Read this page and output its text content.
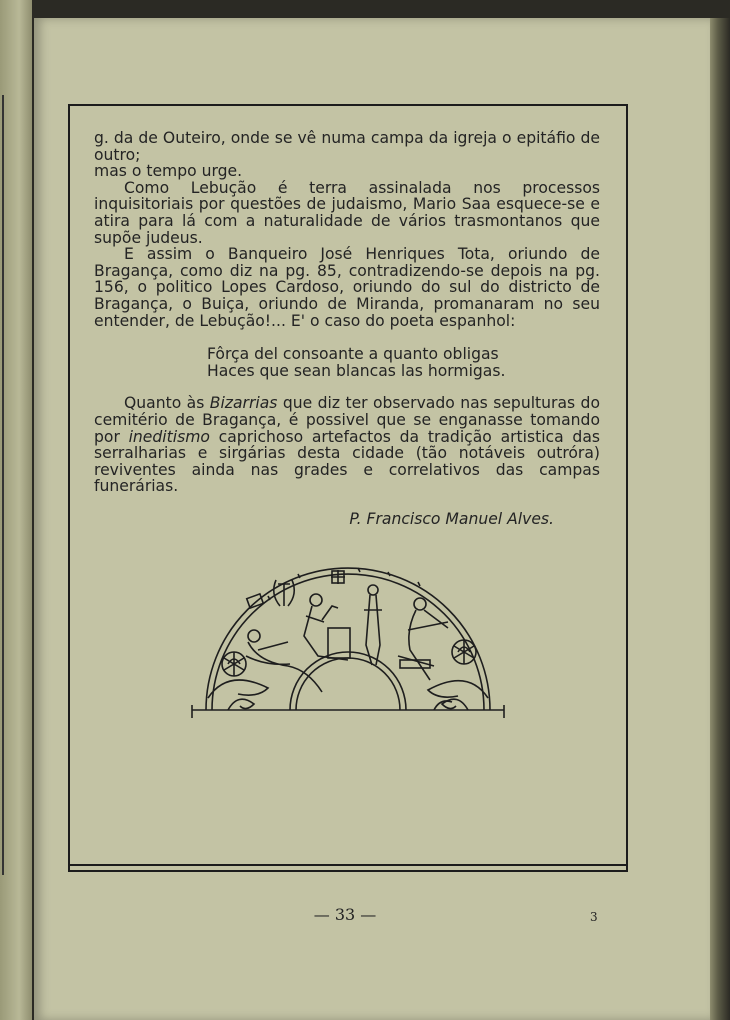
g. da de Outeiro, onde se vê numa campa da igreja o epitáfio de outro;
mas o tempo urge.

Como Lebução é terra assinalada nos processos inquisitoriais por questões de judaismo, Mario Saa esquece-se e atira para lá com a naturalidade de vários trasmontanos que supõe judeus.

E assim o Banqueiro José Henriques Tota, oriundo de Bragança, como diz na pg. 85, contradizendo-se depois na pg. 156, o politico Lopes Cardoso, oriundo do sul do districto de Bragança, o Buiça, oriundo de Miranda, promanaram no seu entender, de Lebução!... E' o caso do poeta espanhol:

Fôrça del consoante a quanto obligas
Haces que sean blancas las hormigas.

Quanto às Bizarrias que diz ter observado nas sepulturas do cemitério de Bragança, é possivel que se enganasse tomando por ineditismo caprichoso artefactos da tradição artistica das serralharias e sirgárias desta cidade (tão notáveis outróra) reviventes ainda nas grades e correlativos das campas funerárias.

P. Francisco Manuel Alves.
— 33 —	3
